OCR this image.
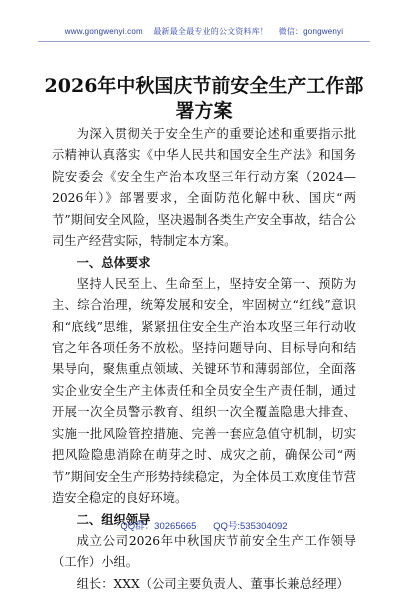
www.gongwenyi.com 最新最全最专业的公文资料库！ 微信：gongwenyi
2026年中秋国庆节前安全生产工作部署方案

为深入贯彻关于安全生产的重要论述和重要指示批示精神认真落实《中华人民共和国安全生产法》和国务院安委会《安全生产治本攻坚三年行动方案（2024—2026年）》部署要求，全面防范化解中秋、国庆“两节”期间安全风险，坚决遏制各类生产安全事故，结合公司生产经营实际，特制定本方案。

一、总体要求

坚持人民至上、生命至上，坚持安全第一、预防为主、综合治理，统筹发展和安全，牢固树立“红线”意识和“底线”思维，紧紧扭住安全生产治本攻坚三年行动收官之年各项任务不放松。坚持问题导向、目标导向和结果导向，聚焦重点领域、关键环节和薄弱部位，全面落实企业安全生产主体责任和全员安全生产责任制，通过开展一次全员警示教育、组织一次全覆盖隐患大排查、实施一批风险管控措施、完善一套应急值守机制，切实把风险隐患消除在萌芽之时、成灾之前，确保公司“两节”期间安全生产形势持续稳定，为全体员工欢度佳节营造安全稳定的良好环境。

二、组织领导

成立公司2026年中秋国庆节前安全生产工作领导（工作）小组。

组长：XXX（公司主要负责人、董事长兼总经理）

QQ群：30265665 QQ号:535304092
